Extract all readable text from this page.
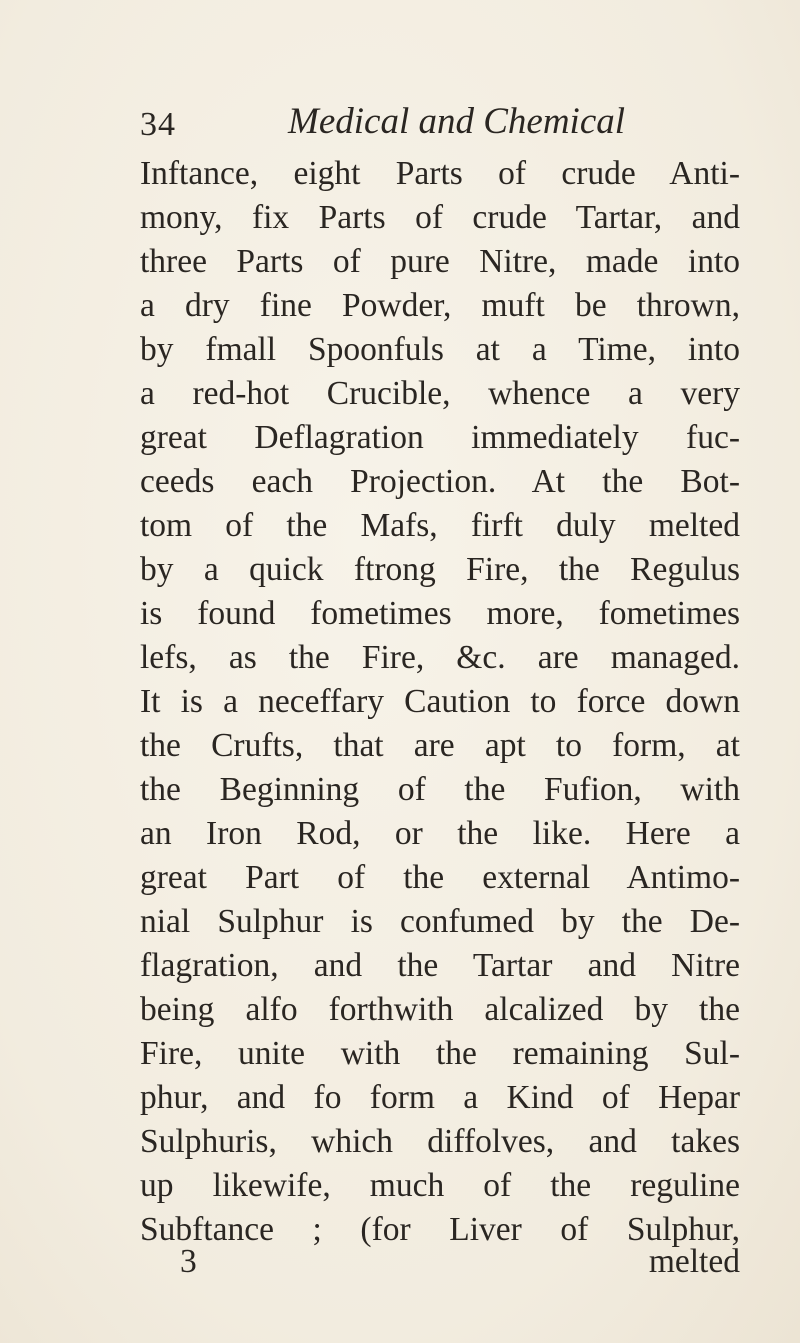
34	Medical and Chemical
Inftance, eight Parts of crude Anti-
mony, fix Parts of crude Tartar, and
three Parts of pure Nitre, made into
a dry fine Powder, muft be thrown,
by fmall Spoonfuls at a Time, into
a red-hot Crucible, whence a very
great Deflagration immediately fuc-
ceeds each Projection. At the Bot-
tom of the Mafs, firft duly melted
by a quick ftrong Fire, the Regulus
is found fometimes more, fometimes
lefs, as the Fire, &c. are managed.
It is a neceffary Caution to force down
the Crufts, that are apt to form, at
the Beginning of the Fufion, with
an Iron Rod, or the like. Here a
great Part of the external Antimo-
nial Sulphur is confumed by the De-
flagration, and the Tartar and Nitre
being alfo forthwith alcalized by the
Fire, unite with the remaining Sul-
phur, and fo form a Kind of Hepar
Sulphuris, which diffolves, and takes
up likewife, much of the reguline
Subftance ; (for Liver of Sulphur,
3	melted
